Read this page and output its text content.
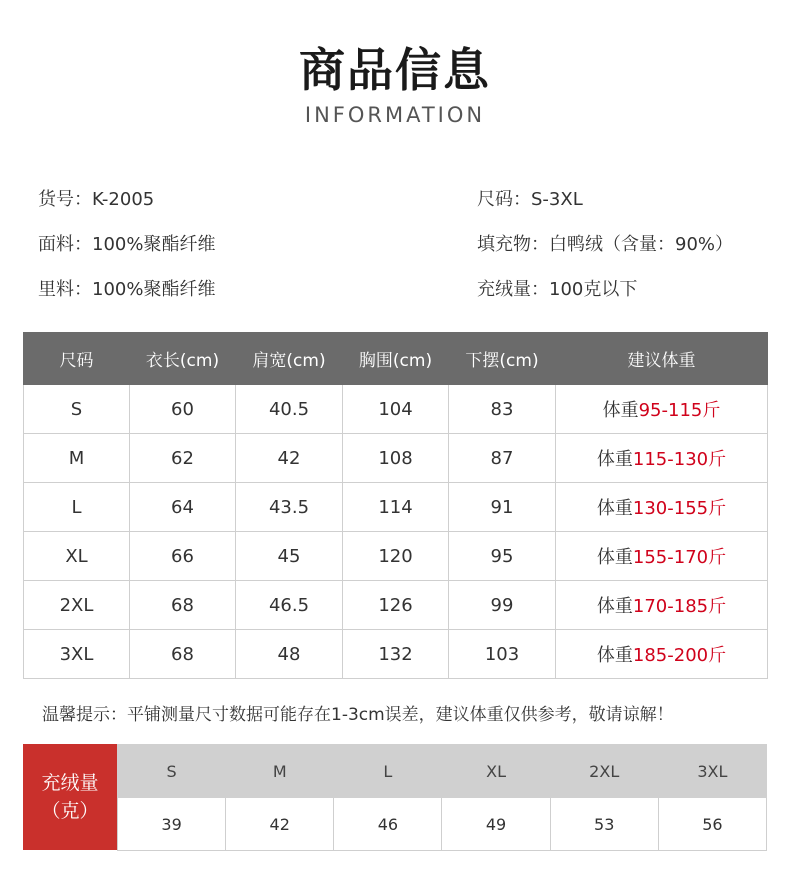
商品信息
INFORMATION
货号：K-2005	尺码：S-3XL
面料：100%聚酯纤维	填充物：白鸭绒（含量：90%）
里料：100%聚酯纤维	充绒量：100克以下
尺码	衣长(cm)	肩宽(cm)	胸围(cm)	下摆(cm)	建议体重
S	60	40.5	104	83	体重95-115斤
M	62	42	108	87	体重115-130斤
L	64	43.5	114	91	体重130-155斤
XL	66	45	120	95	体重155-170斤
2XL	68	46.5	126	99	体重170-185斤
3XL	68	48	132	103	体重185-200斤
温馨提示：平铺测量尺寸数据可能存在1-3cm误差，建议体重仅供参考，敬请谅解！
充绒量
（克）
S	M	L	XL	2XL	3XL
39	42	46	49	53	56
